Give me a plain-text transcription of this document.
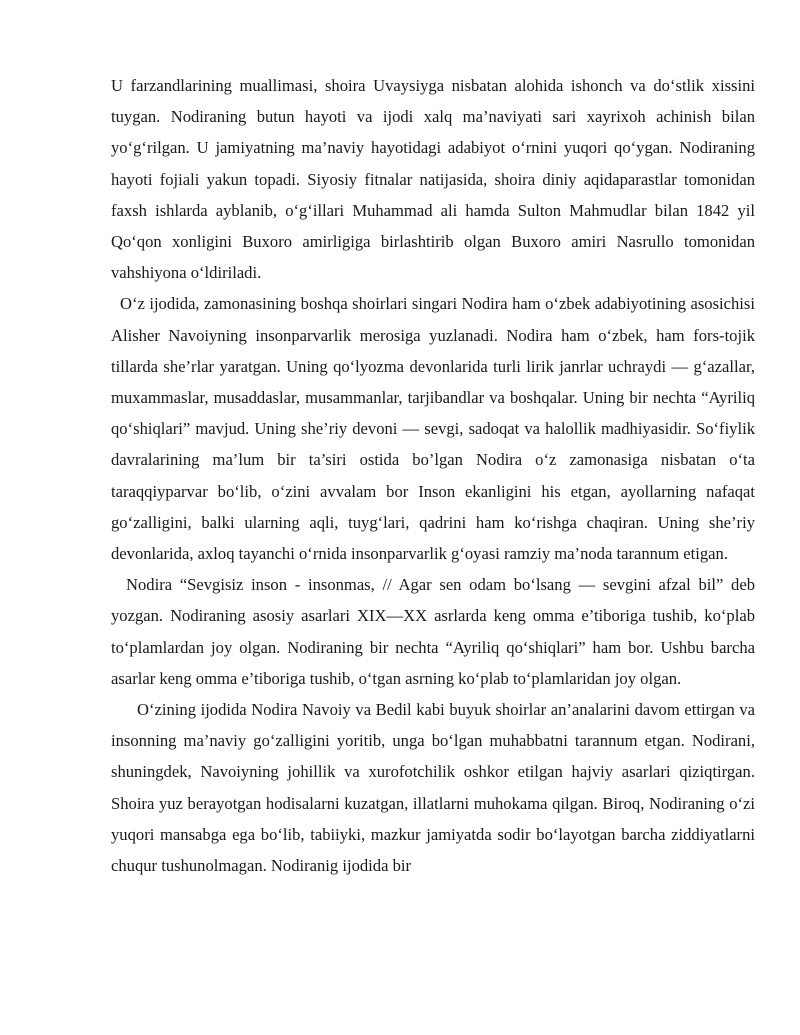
U farzandlarining muallimasi, shoira Uvaysiyga nisbatan alohida ishonch va do‘stlik xissini tuygan. Nodiraning butun hayoti va ijodi xalq ma’naviyati sari xayrixoh achinish bilan yo‘g‘rilgan. U jamiyatning ma’naviy hayotidagi adabiyot o‘rnini yuqori qo‘ygan. Nodiraning hayoti fojiali yakun topadi. Siyosiy fitnalar natijasida, shoira diniy aqidaparastlar tomonidan faxsh ishlarda ayblanib, o‘g‘illari Muhammad ali hamda Sulton Mahmudlar bilan 1842 yil Qo‘qon xonligini Buxoro amirligiga birlashtirib olgan Buxoro amiri Nasrullo tomonidan vahshiyona o‘ldiriladi.

O‘z ijodida, zamonasining boshqa shoirlari singari Nodira ham o‘zbek adabiyotining asosichisi Alisher Navoiyning insonparvarlik merosiga yuzlanadi. Nodira ham o‘zbek, ham fors-tojik tillarda she’rlar yaratgan. Uning qo‘lyozma devonlarida turli lirik janrlar uchraydi — g‘azallar, muxammaslar, musaddaslar, musammanlar, tarjibandlar va boshqalar. Uning bir nechta “Ayriliq qo‘shiqlari” mavjud. Uning she’riy devoni — sevgi, sadoqat va halollik madhiyasidir. So‘fiylik davralarining ma’lum bir ta’siri ostida bo’lgan Nodira o‘z zamonasiga nisbatan o‘ta taraqqiyparvar bo‘lib, o‘zini avvalam bor Inson ekanligini his etgan, ayollarning nafaqat go‘zalligini, balki ularning aqli, tuyg‘lari, qadrini ham ko‘rishga chaqiran. Uning she’riy devonlarida, axloq tayanchi o‘rnida insonparvarlik g‘oyasi ramziy ma’noda tarannum etigan.

Nodira “Sevgisiz inson - insonmas, // Agar sen odam bo‘lsang — sevgini afzal bil” deb yozgan. Nodiraning asosiy asarlari XIX—XX asrlarda keng omma e’tiboriga tushib, ko‘plab to‘plamlardan joy olgan. Nodiraning bir nechta “Ayriliq qo‘shiqlari” ham bor. Ushbu barcha asarlar keng omma e’tiboriga tushib, o‘tgan asrning ko‘plab to‘plamlaridan joy olgan.

O‘zining ijodida Nodira Navoiy va Bedil kabi buyuk shoirlar an’analarini davom ettirgan va insonning ma’naviy go‘zalligini yoritib, unga bo‘lgan muhabbatni tarannum etgan. Nodirani, shuningdek, Navoiyning johillik va xurofotchilik oshkor etilgan hajviy asarlari qiziqtirgan. Shoira yuz berayotgan hodisalarni kuzatgan, illatlarni muhokama qilgan. Biroq, Nodiraning o‘zi yuqori mansabga ega bo‘lib, tabiiyki, mazkur jamiyatda sodir bo‘layotgan barcha ziddiyatlarni chuqur tushunolmagan. Nodiranig ijodida bir
